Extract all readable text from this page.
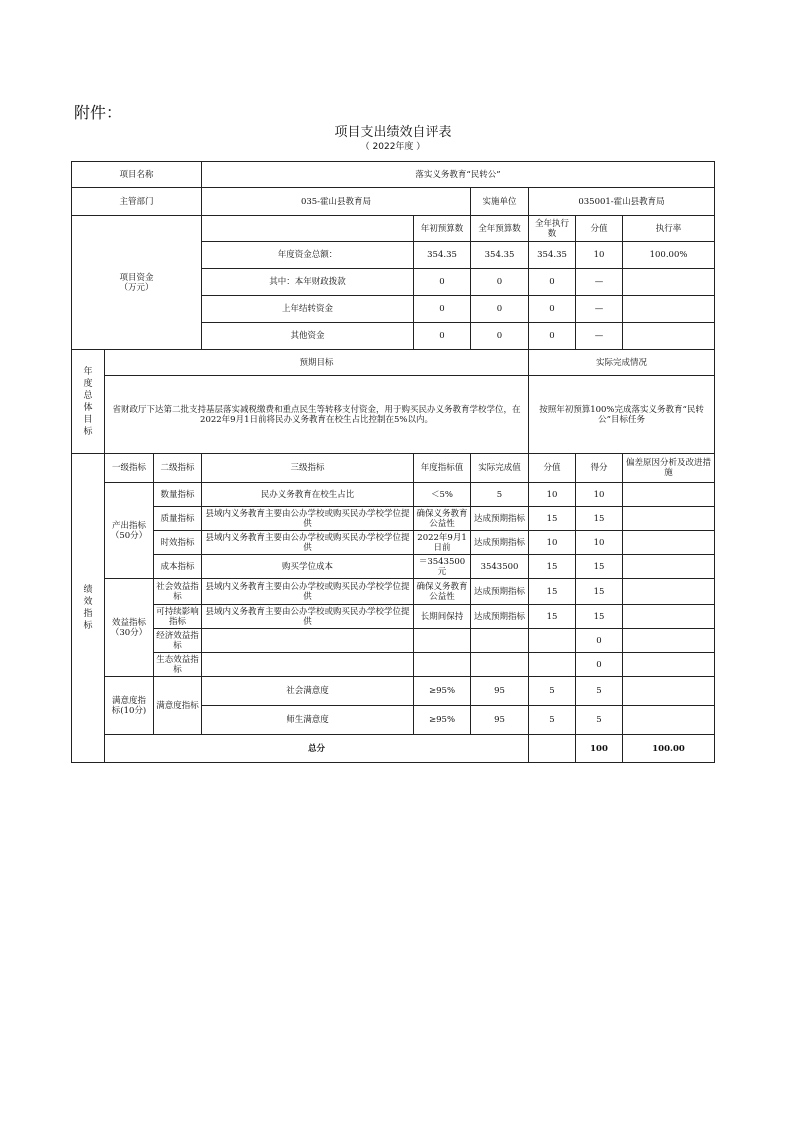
附件：
项目支出绩效自评表
（ 2022年度 ）
项目名称			落实义务教育“民转公”						
主管部门			035-霍山县教育局		实施单位	035001-霍山县教育局			
项目资金
（万元）				年初预算数	全年预算数	全年执行数	分值	执行率	
			年度资金总额：	354.35	354.35	354.35	10	100.00%	
			其中：本年财政拨款	0	0	0	—		
			上年结转资金	0	0	0	—		
			其他资金	0	0	0	—		

年度总体目标	预期目标					实际完成情况			
	省财政厅下达第二批支持基层落实减税缴费和重点民生等转移支付资金，用于购买民办义务教育学校学位，在2022年9月1日前将民办义务教育在校生占比控制在5%以内。					按照年初预算100%完成落实义务教育“民转公”目标任务			

绩效指标	一级指标	二级指标	三级指标	年度指标值	实际完成值	分值	得分	偏差原因分析及改进措施	
	产出指标
（50分）	数量指标	民办义务教育在校生占比	＜5%	5	10	10		
		质量指标	县域内义务教育主要由公办学校或购买民办学校学位提供	确保义务教育公益性	达成预期指标	15	15		
		时效指标	县域内义务教育主要由公办学校或购买民办学校学位提供	2022年9月1日前	达成预期指标	10	10		
		成本指标	购买学位成本	＝3543500元	3543500	15	15		
	效益指标
（30分）	社会效益指标	县域内义务教育主要由公办学校或购买民办学校学位提供	确保义务教育公益性	达成预期指标	15	15		
		可持续影响指标	县域内义务教育主要由公办学校或购买民办学校学位提供	长期间保持	达成预期指标	15	15		
		经济效益指标					0		
		生态效益指标					0		
	满意度指
标(10分)	满意度指标	社会满意度	≥95%	95	5	5		
			师生满意度	≥95%	95	5	5		
	总分						100	100.00	
